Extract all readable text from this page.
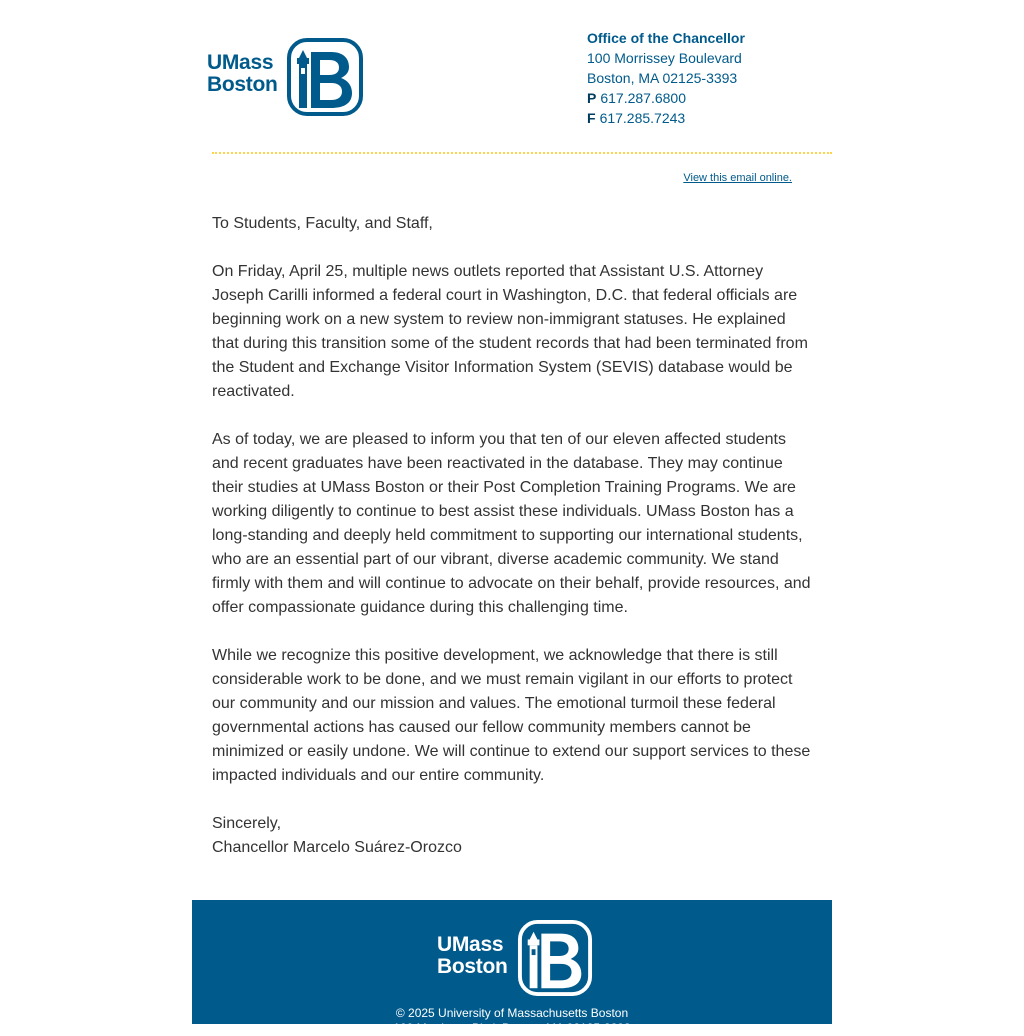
UMass
Boston
Office of the Chancellor
100 Morrissey Boulevard
Boston, MA 02125-3393
P 617.287.6800
F 617.285.7243
View this email online.

To Students, Faculty, and Staff,

On Friday, April 25, multiple news outlets reported that Assistant U.S. Attorney Joseph Carilli informed a federal court in Washington, D.C. that federal officials are beginning work on a new system to review non-immigrant statuses. He explained that during this transition some of the student records that had been terminated from the Student and Exchange Visitor Information System (SEVIS) database would be reactivated.

As of today, we are pleased to inform you that ten of our eleven affected students and recent graduates have been reactivated in the database. They may continue their studies at UMass Boston or their Post Completion Training Programs. We are working diligently to continue to best assist these individuals. UMass Boston has a long-standing and deeply held commitment to supporting our international students, who are an essential part of our vibrant, diverse academic community. We stand firmly with them and will continue to advocate on their behalf, provide resources, and offer compassionate guidance during this challenging time.

While we recognize this positive development, we acknowledge that there is still considerable work to be done, and we must remain vigilant in our efforts to protect our community and our mission and values. The emotional turmoil these federal governmental actions has caused our fellow community members cannot be minimized or easily undone. We will continue to extend our support services to these impacted individuals and our entire community.

Sincerely,
Chancellor Marcelo Suárez-Orozco

UMass
Boston
© 2025 University of Massachusetts Boston
100 Morrissey Blvd. Boston, MA 02125-3393
